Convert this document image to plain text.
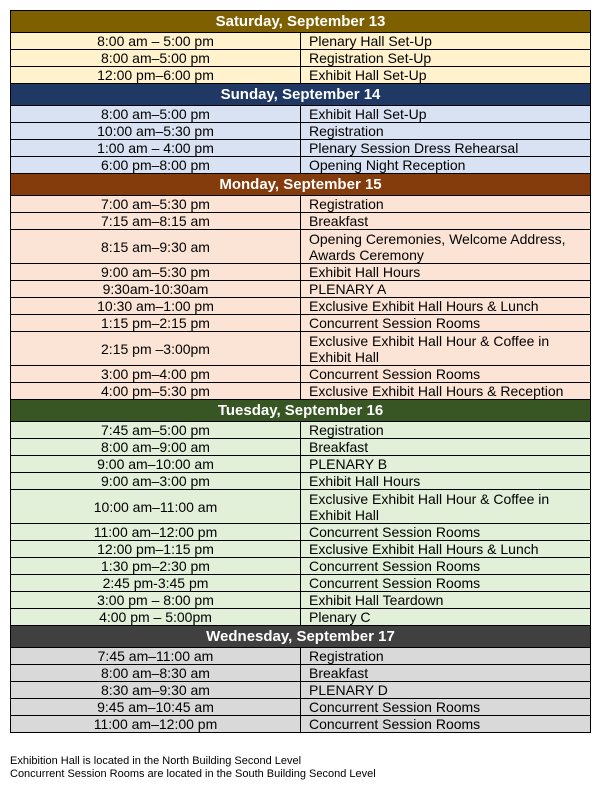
Saturday, September 13	
8:00 am – 5:00 pm	Plenary Hall Set-Up
8:00 am–5:00 pm	Registration Set-Up
12:00 pm–6:00 pm	Exhibit Hall Set-Up
Sunday, September 14	
8:00 am–5:00 pm	Exhibit Hall Set-Up
10:00 am–5:30 pm	Registration
1:00 am – 4:00 pm	Plenary Session Dress Rehearsal
6:00 pm–8:00 pm	Opening Night Reception
Monday, September 15	
7:00 am–5:30 pm	Registration
7:15 am–8:15 am	Breakfast
8:15 am–9:30 am	Opening Ceremonies, Welcome Address, Awards Ceremony
9:00 am–5:30 pm	Exhibit Hall Hours
9:30am-10:30am	PLENARY A
10:30 am–1:00 pm	Exclusive Exhibit Hall Hours & Lunch
1:15 pm–2:15 pm	Concurrent Session Rooms
2:15 pm –3:00pm	Exclusive Exhibit Hall Hour & Coffee in Exhibit Hall
3:00 pm–4:00 pm	Concurrent Session Rooms
4:00 pm–5:30 pm	Exclusive Exhibit Hall Hours & Reception
Tuesday, September 16	
7:45 am–5:00 pm	Registration
8:00 am–9:00 am	Breakfast
9:00 am–10:00 am	PLENARY B
9:00 am–3:00 pm	Exhibit Hall Hours
10:00 am–11:00 am	Exclusive Exhibit Hall Hour & Coffee in Exhibit Hall
11:00 am–12:00 pm	Concurrent Session Rooms
12:00 pm–1:15 pm	Exclusive Exhibit Hall Hours & Lunch
1:30 pm–2:30 pm	Concurrent Session Rooms
2:45 pm-3:45 pm	Concurrent Session Rooms
3:00 pm – 8:00 pm	Exhibit Hall Teardown
4:00 pm – 5:00pm	Plenary C
Wednesday, September 17	
7:45 am–11:00 am	Registration
8:00 am–8:30 am	Breakfast
8:30 am–9:30 am	PLENARY D
9:45 am–10:45 am	Concurrent Session Rooms
11:00 am–12:00 pm	Concurrent Session Rooms
Exhibition Hall is located in the North Building Second Level
Concurrent Session Rooms are located in the South Building Second Level
